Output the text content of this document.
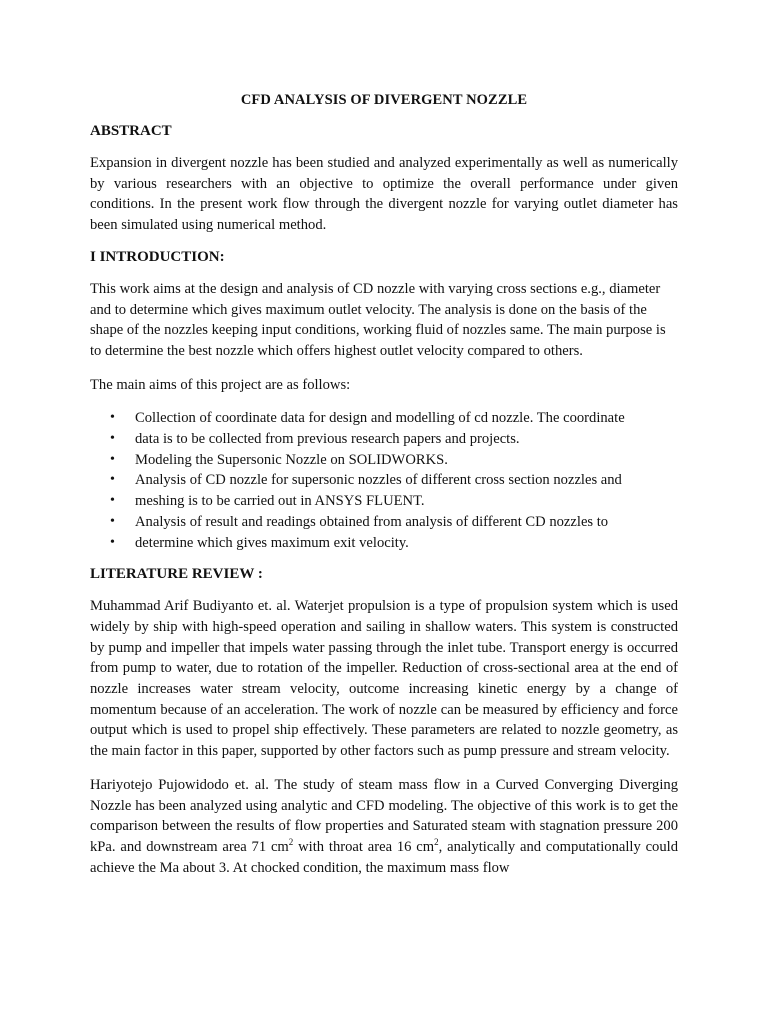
CFD ANALYSIS OF DIVERGENT NOZZLE
ABSTRACT

Expansion in divergent nozzle has been studied and analyzed experimentally as well as numerically by various researchers with an objective to optimize the overall performance under given conditions. In the present work flow through the divergent nozzle for varying outlet diameter has been simulated using numerical method.

I INTRODUCTION:

This work aims at the design and analysis of CD nozzle with varying cross sections e.g., diameter and to determine which gives maximum outlet velocity. The analysis is done on the basis of the shape of the nozzles keeping input conditions, working fluid of nozzles same. The main purpose is to determine the best nozzle which offers highest outlet velocity compared to others.

The main aims of this project are as follows:

• Collection of coordinate data for design and modelling of cd nozzle. The coordinate
• data is to be collected from previous research papers and projects.
• Modeling the Supersonic Nozzle on SOLIDWORKS.
• Analysis of CD nozzle for supersonic nozzles of different cross section nozzles and
• meshing is to be carried out in ANSYS FLUENT.
• Analysis of result and readings obtained from analysis of different CD nozzles to
• determine which gives maximum exit velocity.
LITERATURE REVIEW :

Muhammad Arif Budiyanto et. al. Waterjet propulsion is a type of propulsion system which is used widely by ship with high-speed operation and sailing in shallow waters. This system is constructed by pump and impeller that impels water passing through the inlet tube. Transport energy is occurred from pump to water, due to rotation of the impeller. Reduction of cross-sectional area at the end of nozzle increases water stream velocity, outcome increasing kinetic energy by a change of momentum because of an acceleration. The work of nozzle can be measured by efficiency and force output which is used to propel ship effectively. These parameters are related to nozzle geometry, as the main factor in this paper, supported by other factors such as pump pressure and stream velocity.

Hariyotejo Pujowidodo et. al. The study of steam mass flow in a Curved Converging Diverging Nozzle has been analyzed using analytic and CFD modeling. The objective of this work is to get the comparison between the results of flow properties and Saturated steam with stagnation pressure 200 kPa. and downstream area 71 $cm^2$ with throat area 16 $cm^2$, analytically and computationally could achieve the Ma about 3. At chocked condition, the maximum mass flow
